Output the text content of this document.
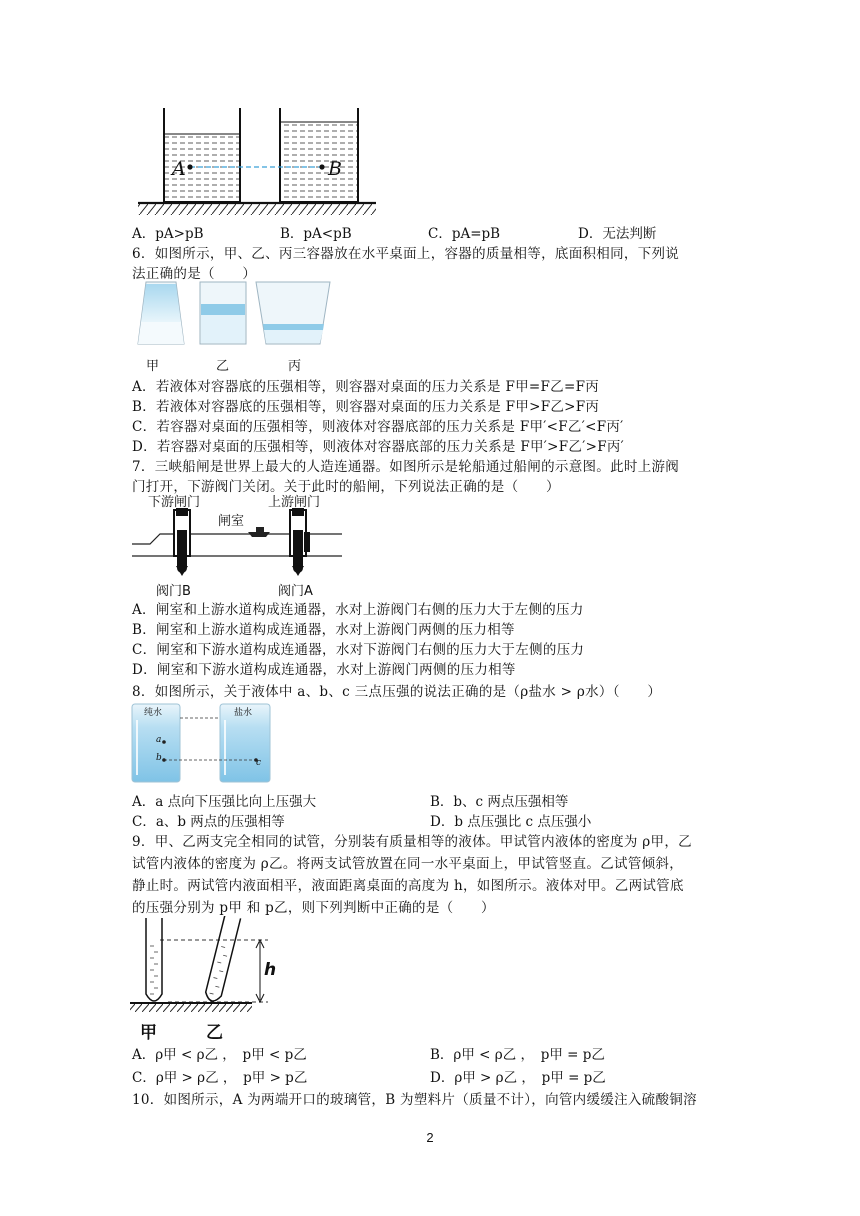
A	B
A．pA>pB	B．pA<pB	C．pA=pB	D．无法判断
6．如图所示，甲、乙、丙三容器放在水平桌面上，容器的质量相等，底面积相同，下列说
法正确的是（　　）
甲	乙	丙
A．若液体对容器底的压强相等，则容器对桌面的压力关系是 F甲=F乙=F丙
B．若液体对容器底的压强相等，则容器对桌面的压力关系是 F甲>F乙>F丙
C．若容器对桌面的压强相等，则液体对容器底部的压力关系是 F甲′<F乙′<F丙′
D．若容器对桌面的压强相等，则液体对容器底部的压力关系是 F甲′>F乙′>F丙′
7．三峡船闸是世界上最大的人造连通器。如图所示是轮船通过船闸的示意图。此时上游阀
门打开，下游阀门关闭。关于此时的船闸，下列说法正确的是（　　）
下游闸门	上游闸门
闸室
阀门B	阀门A
A．闸室和上游水道构成连通器，水对上游阀门右侧的压力大于左侧的压力
B．闸室和上游水道构成连通器，水对上游阀门两侧的压力相等
C．闸室和下游水道构成连通器，水对下游阀门右侧的压力大于左侧的压力
D．闸室和下游水道构成连通器，水对上游阀门两侧的压力相等
8．如图所示，关于液体中 a、b、c 三点压强的说法正确的是（ρ盐水 > ρ水）（　　）
纯水	盐水
a
b	c
A．a 点向下压强比向上压强大	B．b、c 两点压强相等
C．a、b 两点的压强相等	D．b 点压强比 c 点压强小
9．甲、乙两支完全相同的试管，分别装有质量相等的液体。甲试管内液体的密度为 ρ甲，乙
试管内液体的密度为 ρ乙。将两支试管放置在同一水平桌面上，甲试管竖直。乙试管倾斜，
静止时。两试管内液面相平，液面距离桌面的高度为 h，如图所示。液体对甲。乙两试管底
的压强分别为 p甲 和 p乙，则下列判断中正确的是（　　）
h
甲	乙
A．ρ甲 < ρ乙 ，　p甲 < p乙	B．ρ甲 < ρ乙 ，　p甲 = p乙
C．ρ甲 > ρ乙 ，　p甲 > p乙	D．ρ甲 > ρ乙 ，　p甲 = p乙
10．如图所示，A 为两端开口的玻璃管，B 为塑料片（质量不计），向管内缓缓注入硫酸铜溶
2
